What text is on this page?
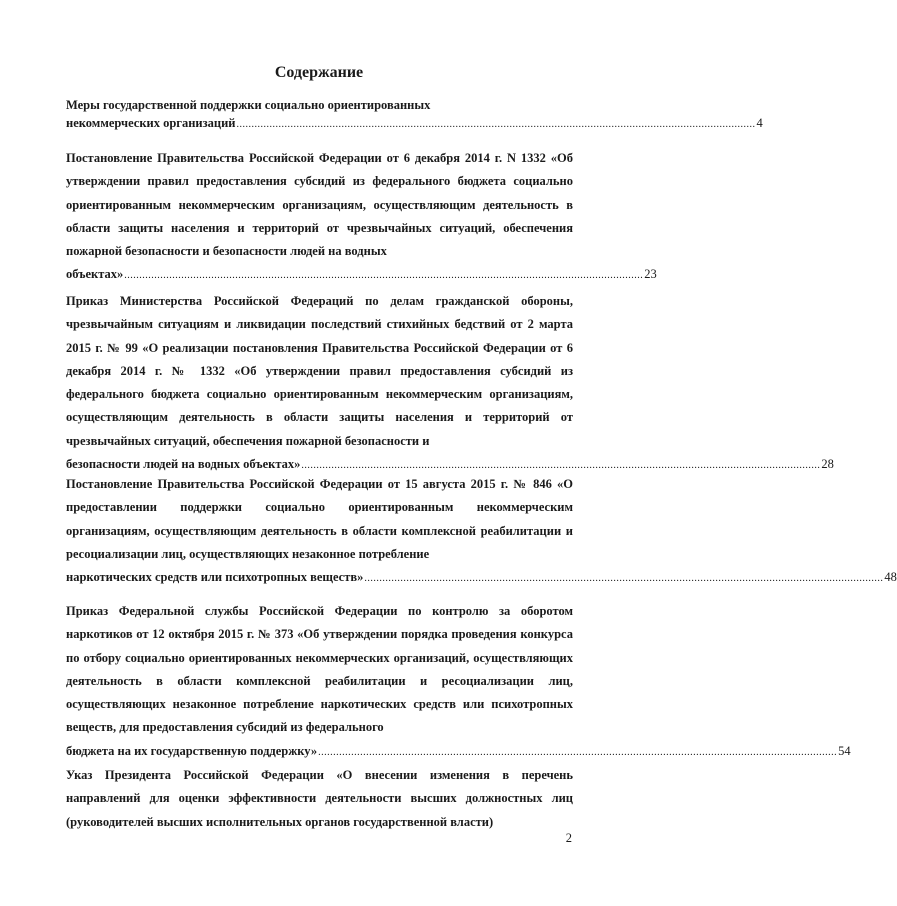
Содержание
Меры государственной поддержки социально ориентированных
некоммерческих организаций ............................................................................................................................................................................. 4
Постановление Правительства Российской Федерации от 6 декабря 2014 г. N 1332 «Об утверждении правил предоставления субсидий из федерального бюджета социально ориентированным некоммерческим организациям, осуществляющим деятельность в области защиты населения и территорий от чрезвычайных ситуаций, обеспечения пожарной безопасности и безопасности людей на водных
объектах» ............................................................................................................................................................................. 23
Приказ Министерства Российской Федераций по делам гражданской обороны, чрезвычайным ситуациям и ликвидации последствий стихийных бедствий от 2 марта 2015 г. № 99 «О реализации постановления Правительства Российской Федерации от 6 декабря 2014 г. № 1332 «Об утверждении правил предоставления субсидий из федерального бюджета социально ориентированным некоммерческим организациям, осуществляющим деятельность в области защиты населения и территорий от чрезвычайных ситуаций, обеспечения пожарной безопасности и
безопасности людей на водных объектах» ............................................................................................................................................................................. 28
Постановление Правительства Российской Федерации от 15 августа 2015 г. № 846 «О предоставлении поддержки социально ориентированным некоммерческим организациям, осуществляющим деятельность в области комплексной реабилитации и ресоциализации лиц, осуществляющих незаконное потребление
наркотических средств или психотропных веществ» ............................................................................................................................................................................. 48
Приказ Федеральной службы Российской Федерации по контролю за оборотом наркотиков от 12 октября 2015 г. № 373 «Об утверждении порядка проведения конкурса по отбору социально ориентированных некоммерческих организаций, осуществляющих деятельность в области комплексной реабилитации и ресоциализации лиц, осуществляющих незаконное потребление наркотических средств или психотропных веществ, для предоставления субсидий из федерального
бюджета на их государственную поддержку» ............................................................................................................................................................................. 54
Указ Президента Российской Федерации «О внесении изменения в перечень направлений для оценки эффективности деятельности высших должностных лиц (руководителей высших исполнительных органов государственной власти)
2
